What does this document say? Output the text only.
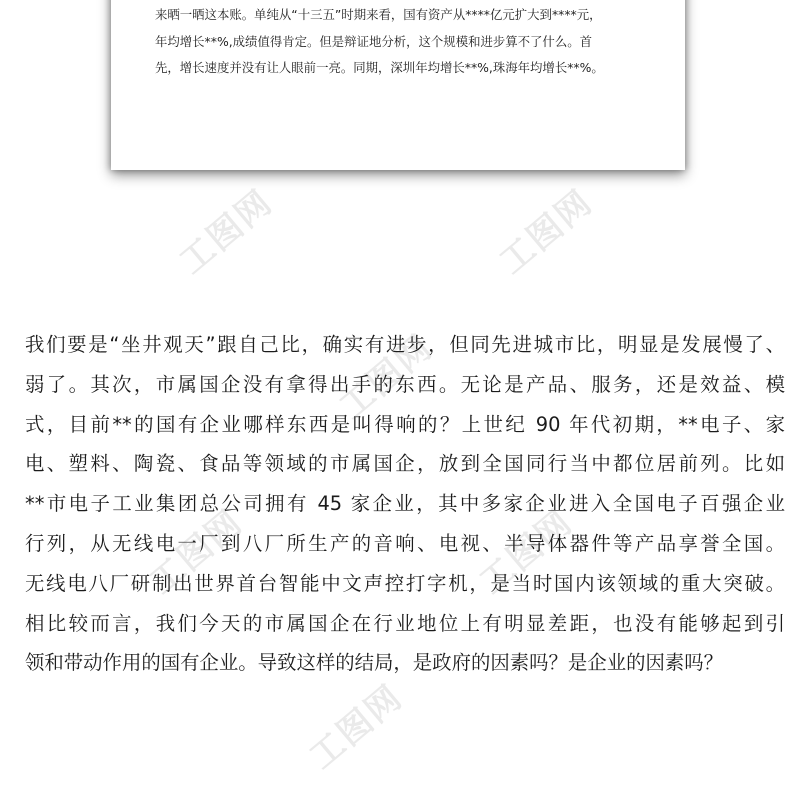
来晒一晒这本账。单纯从“十三五”时期来看，国有资产从****亿元扩大到****元，
年均增长**%,成绩值得肯定。但是辩证地分析，这个规模和进步算不了什么。首
先，增长速度并没有让人眼前一亮。同期，深圳年均增长**%,珠海年均增长**%。
工图网	工图网
工图网
工图网	工图网
工图网
我们要是“坐井观天”跟自己比，确实有进步，但同先进城市比，明显是发展慢了、
弱了。其次，市属国企没有拿得出手的东西。无论是产品、服务，还是效益、模
式，目前**的国有企业哪样东西是叫得响的？上世纪 90 年代初期，**电子、家
电、塑料、陶瓷、食品等领域的市属国企，放到全国同行当中都位居前列。比如
**市电子工业集团总公司拥有 45 家企业，其中多家企业进入全国电子百强企业
行列，从无线电一厂到八厂所生产的音响、电视、半导体器件等产品享誉全国。
无线电八厂研制出世界首台智能中文声控打字机，是当时国内该领域的重大突破。
相比较而言，我们今天的市属国企在行业地位上有明显差距，也没有能够起到引
领和带动作用的国有企业。导致这样的结局，是政府的因素吗？是企业的因素吗？
